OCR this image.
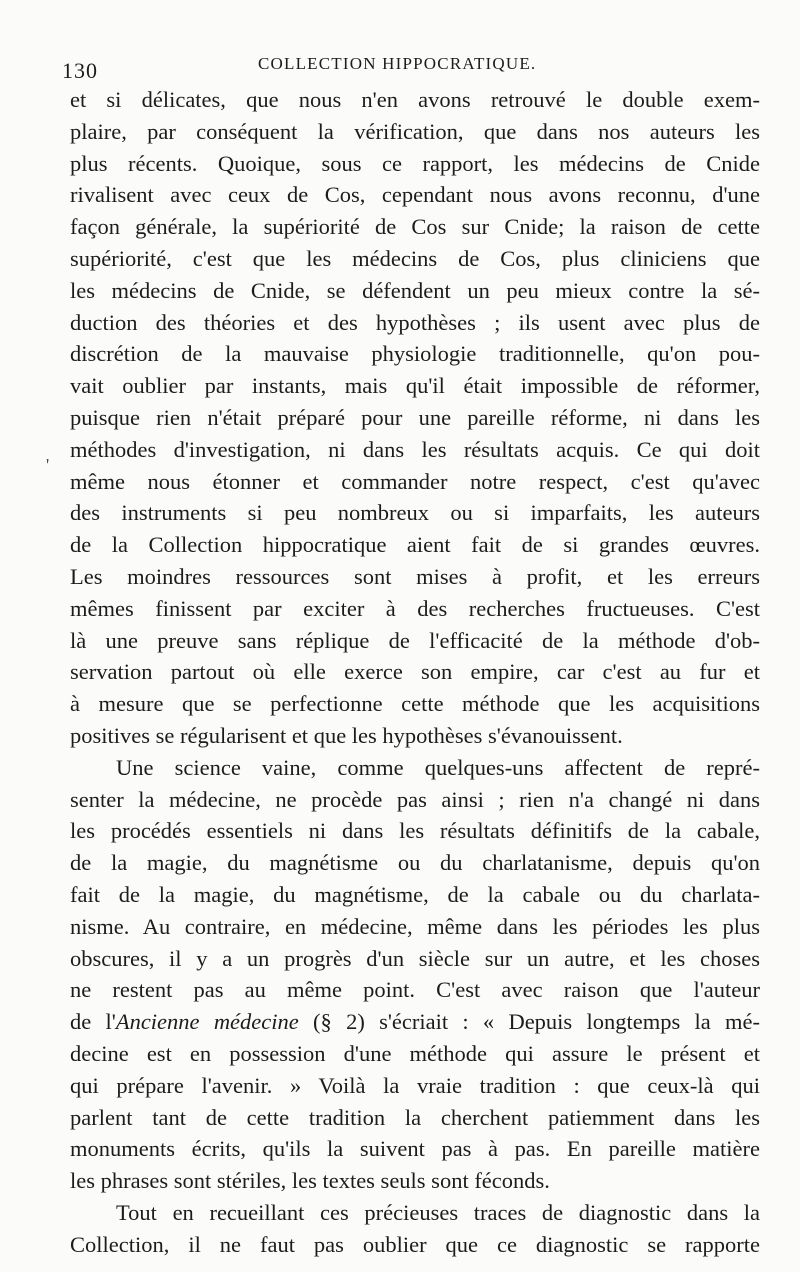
130	COLLECTION HIPPOCRATIQUE.
'
et si délicates, que nous n'en avons retrouvé le double exem-
plaire, par conséquent la vérification, que dans nos auteurs les
plus récents. Quoique, sous ce rapport, les médecins de Cnide
rivalisent avec ceux de Cos, cependant nous avons reconnu, d'une
façon générale, la supériorité de Cos sur Cnide; la raison de cette
supériorité, c'est que les médecins de Cos, plus cliniciens que
les médecins de Cnide, se défendent un peu mieux contre la sé-
duction des théories et des hypothèses ; ils usent avec plus de
discrétion de la mauvaise physiologie traditionnelle, qu'on pou-
vait oublier par instants, mais qu'il était impossible de réformer,
puisque rien n'était préparé pour une pareille réforme, ni dans les
méthodes d'investigation, ni dans les résultats acquis. Ce qui doit
même nous étonner et commander notre respect, c'est qu'avec
des instruments si peu nombreux ou si imparfaits, les auteurs
de la Collection hippocratique aient fait de si grandes œuvres.
Les moindres ressources sont mises à profit, et les erreurs
mêmes finissent par exciter à des recherches fructueuses. C'est
là une preuve sans réplique de l'efficacité de la méthode d'ob-
servation partout où elle exerce son empire, car c'est au fur et
à mesure que se perfectionne cette méthode que les acquisitions
positives se régularisent et que les hypothèses s'évanouissent.
Une science vaine, comme quelques-uns affectent de repré-
senter la médecine, ne procède pas ainsi ; rien n'a changé ni dans
les procédés essentiels ni dans les résultats définitifs de la cabale,
de la magie, du magnétisme ou du charlatanisme, depuis qu'on
fait de la magie, du magnétisme, de la cabale ou du charlata-
nisme. Au contraire, en médecine, même dans les périodes les plus
obscures, il y a un progrès d'un siècle sur un autre, et les choses
ne restent pas au même point. C'est avec raison que l'auteur
de l'Ancienne médecine (§ 2) s'écriait : « Depuis longtemps la mé-
decine est en possession d'une méthode qui assure le présent et
qui prépare l'avenir. » Voilà la vraie tradition : que ceux-là qui
parlent tant de cette tradition la cherchent patiemment dans les
monuments écrits, qu'ils la suivent pas à pas. En pareille matière
les phrases sont stériles, les textes seuls sont féconds.
Tout en recueillant ces précieuses traces de diagnostic dans la
Collection, il ne faut pas oublier que ce diagnostic se rapporte
